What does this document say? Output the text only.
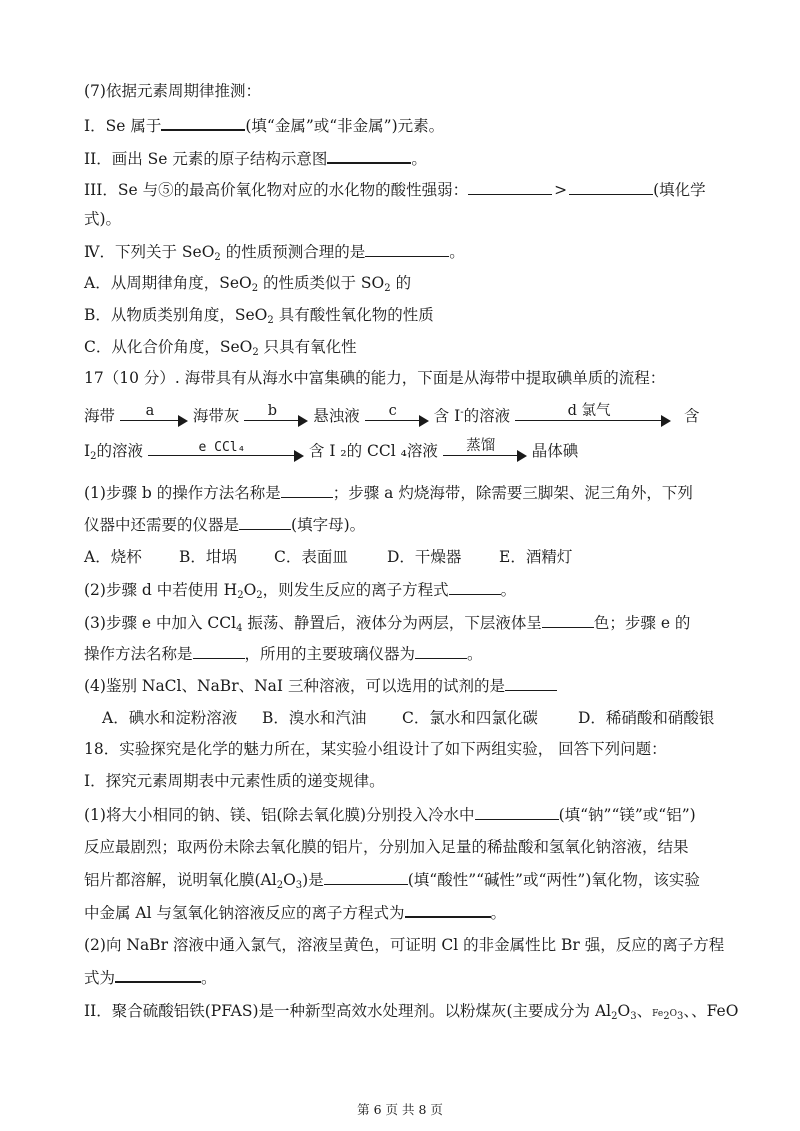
(7)依据元素周期律推测：
I．Se 属于	(填“金属”或“非金属”)元素。
II．画出 Se 元素的原子结构示意图	。
III．Se 与⑤的最高价氧化物对应的水化物的酸性强弱：	>	(填化学
式)。
Ⅳ．下列关于 SeO$_2$ 的性质预测合理的是	。
A．从周期律角度，SeO$_2$ 的性质类似于 $SO_2$ 的
B．从物质类别角度，SeO$_2$ 具有酸性氧化物的性质
C．从化合价角度，SeO$_2$ 只具有氧化性
17（10 分）. 海带具有从海水中富集碘的能力，下面是从海带中提取碘单质的流程：
海带	a	海带灰	b	悬浊液	c	含 I-的溶液	d 氯气	含
$I_2$的溶液	e CCl₄	含 I ₂的 CCl ₄溶液	蒸馏	晶体碘
(1)步骤 b 的操作方法名称是	；步骤 a 灼烧海带，除需要三脚架、泥三角外，下列
仪器中还需要的仪器是	(填字母)。
A．烧杯 B．坩埚 C．表面皿	D．干燥器 E．酒精灯
(2)步骤 d 中若使用 $H_2O_2$，则发生反应的离子方程式	。
(3)步骤 e 中加入 CCl$_4$ 振荡、静置后，液体分为两层，下层液体呈	色；步骤 e 的
操作方法名称是	，所用的主要玻璃仪器为	。
(4)鉴别 NaCl、NaBr、NaI 三种溶液，可以选用的试剂的是
A．碘水和淀粉溶液 B．溴水和汽油 C．氯水和四氯化碳	D．稀硝酸和硝酸银
18．实验探究是化学的魅力所在，某实验小组设计了如下两组实验， 回答下列问题：
I．探究元素周期表中元素性质的递变规律。
(1)将大小相同的钠、镁、铝(除去氧化膜)分别投入冷水中	(填“钠”“镁”或“铝”)
反应最剧烈；取两份未除去氧化膜的铝片，分别加入足量的稀盐酸和氢氧化钠溶液，结果
铝片都溶解，说明氧化膜$(Al_2O_3)$是	(填“酸性”“碱性”或“两性”)氧化物，该实验
中金属 Al 与氢氧化钠溶液反应的离子方程式为	。
(2)向 NaBr 溶液中通入氯气，溶液呈黄色，可证明 Cl 的非金属性比 Br 强，反应的离子方程
式为	。
II．聚合硫酸铝铁(PFAS)是一种新型高效水处理剂。以粉煤灰(主要成分为 $Al_2O_3$、$Fe_2O_3$、、FeO
第 6 页 共 8 页
